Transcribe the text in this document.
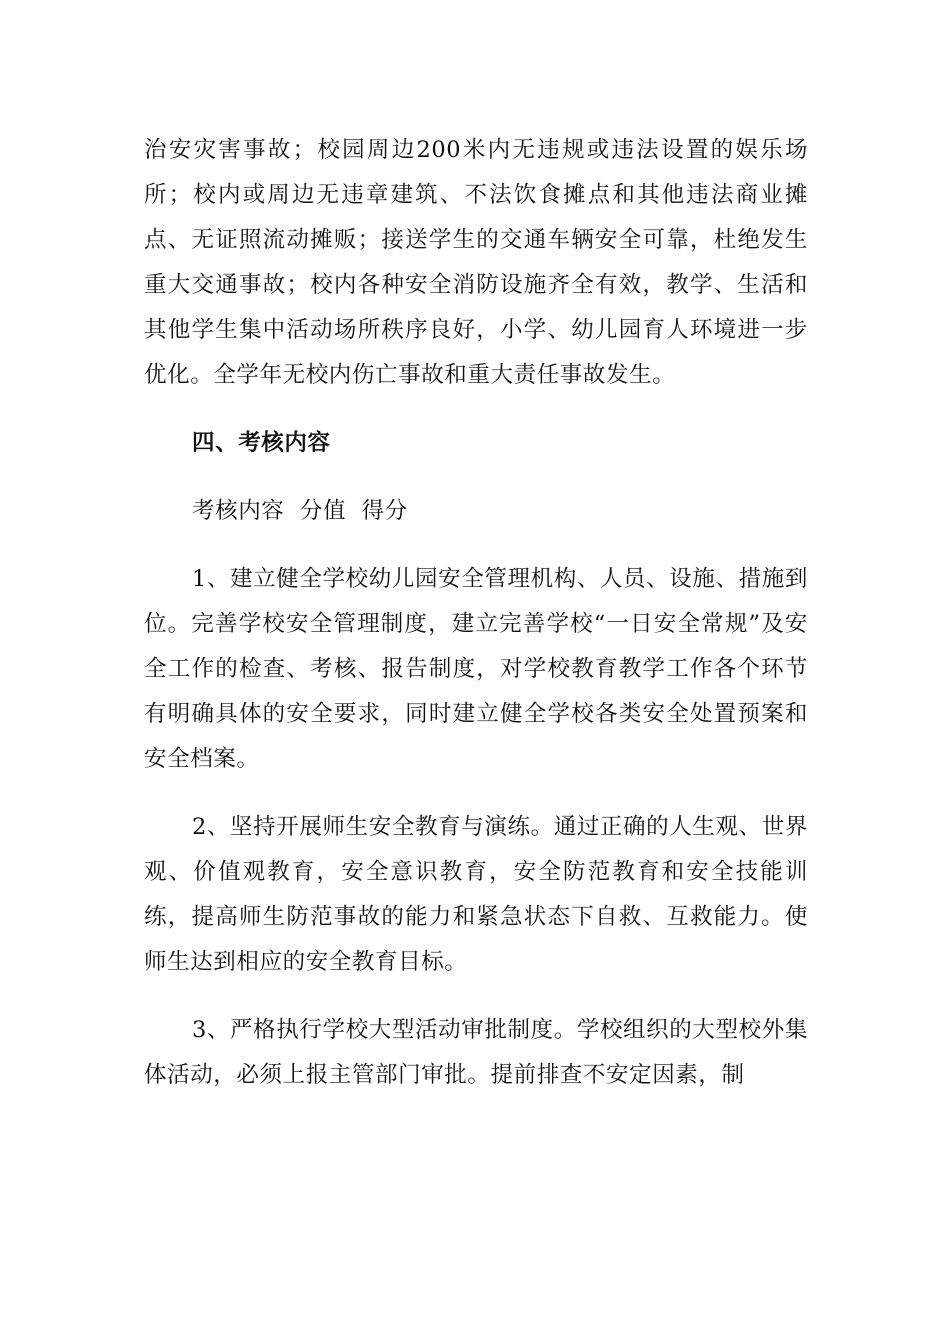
治安灾害事故；校园周边200米内无违规或违法设置的娱乐场所；校内或周边无违章建筑、不法饮食摊点和其他违法商业摊点、无证照流动摊贩；接送学生的交通车辆安全可靠，杜绝发生重大交通事故；校内各种安全消防设施齐全有效，教学、生活和其他学生集中活动场所秩序良好，小学、幼儿园育人环境进一步优化。全学年无校内伤亡事故和重大责任事故发生。

四、考核内容

考核内容  分值  得分

1、建立健全学校幼儿园安全管理机构、人员、设施、措施到位。完善学校安全管理制度，建立完善学校“一日安全常规”及安全工作的检查、考核、报告制度，对学校教育教学工作各个环节有明确具体的安全要求，同时建立健全学校各类安全处置预案和安全档案。

2、坚持开展师生安全教育与演练。通过正确的人生观、世界观、价值观教育，安全意识教育，安全防范教育和安全技能训练，提高师生防范事故的能力和紧急状态下自救、互救能力。使师生达到相应的安全教育目标。

3、严格执行学校大型活动审批制度。学校组织的大型校外集体活动，必须上报主管部门审批。提前排查不安定因素，制
